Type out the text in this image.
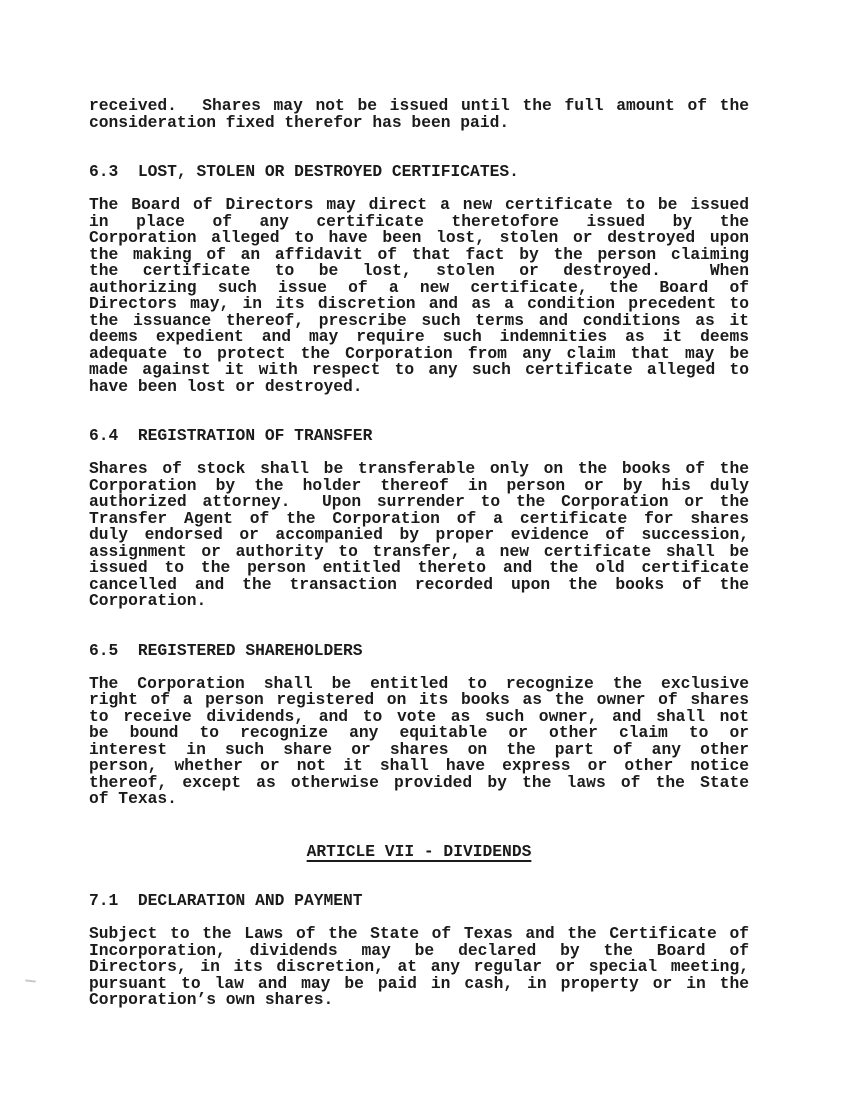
received.  Shares may not be issued until the full amount of the
consideration fixed therefor has been paid.
6.3  LOST, STOLEN OR DESTROYED CERTIFICATES.
The Board of Directors may direct a new certificate to be issued
in place of any certificate theretofore issued by the
Corporation alleged to have been lost, stolen or destroyed upon
the making of an affidavit of that fact by the person claiming
the certificate to be lost, stolen or destroyed.  When
authorizing such issue of a new certificate, the Board of
Directors may, in its discretion and as a condition precedent to
the issuance thereof, prescribe such terms and conditions as it
deems expedient and may require such indemnities as it deems
adequate to protect the Corporation from any claim that may be
made against it with respect to any such certificate alleged to
have been lost or destroyed.
6.4  REGISTRATION OF TRANSFER
Shares of stock shall be transferable only on the books of the
Corporation by the holder thereof in person or by his duly
authorized attorney.  Upon surrender to the Corporation or the
Transfer Agent of the Corporation of a certificate for shares
duly endorsed or accompanied by proper evidence of succession,
assignment or authority to transfer, a new certificate shall be
issued to the person entitled thereto and the old certificate
cancelled and the transaction recorded upon the books of the
Corporation.
6.5  REGISTERED SHAREHOLDERS
The Corporation shall be entitled to recognize the exclusive
right of a person registered on its books as the owner of shares
to receive dividends, and to vote as such owner, and shall not
be bound to recognize any equitable or other claim to or
interest in such share or shares on the part of any other
person, whether or not it shall have express or other notice
thereof, except as otherwise provided by the laws of the State
of Texas.
ARTICLE VII - DIVIDENDS
7.1  DECLARATION AND PAYMENT
Subject to the Laws of the State of Texas and the Certificate of
Incorporation, dividends may be declared by the Board of
Directors, in its discretion, at any regular or special meeting,
pursuant to law and may be paid in cash, in property or in the
Corporation’s own shares.
